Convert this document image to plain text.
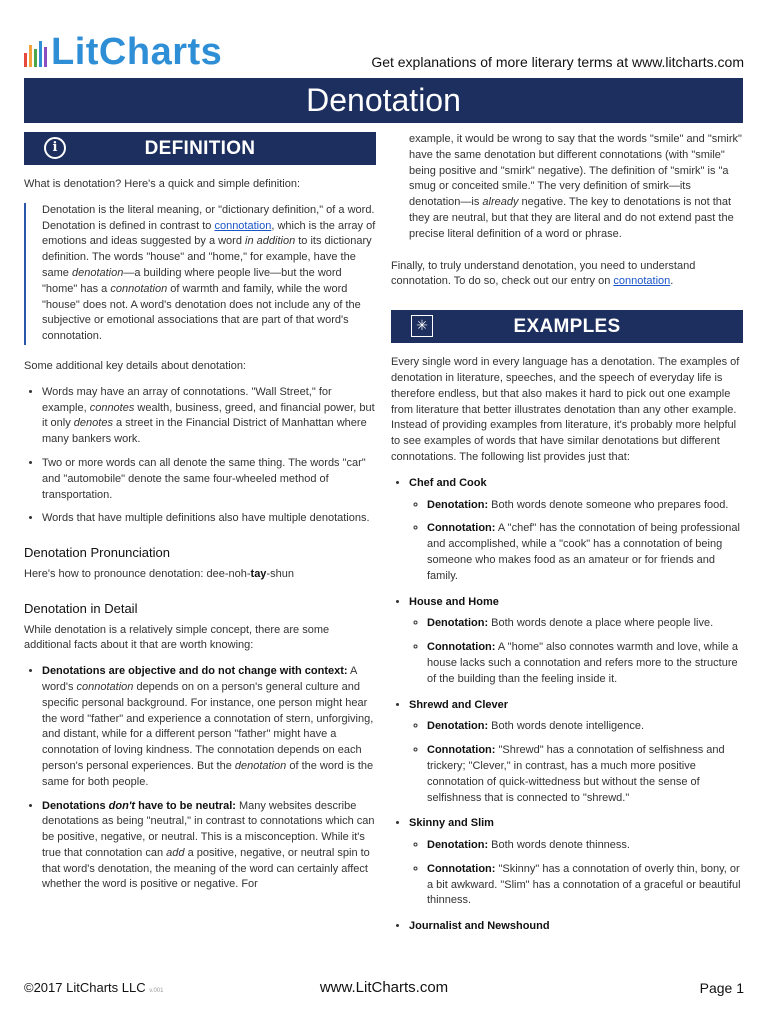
LitCharts	Get explanations of more literary terms at www.litcharts.com
Denotation
i	DEFINITION

What is denotation? Here's a quick and simple definition:

Denotation is the literal meaning, or "dictionary definition," of a word. Denotation is defined in contrast to connotation, which is the array of emotions and ideas suggested by a word in addition to its dictionary definition. The words "house" and "home," for example, have the same denotation—a building where people live—but the word "home" has a connotation of warmth and family, while the word "house" does not. A word's denotation does not include any of the subjective or emotional associations that are part of that word's connotation.

Some additional key details about denotation:

• Words may have an array of connotations. "Wall Street," for example, connotes wealth, business, greed, and financial power, but it only denotes a street in the Financial District of Manhattan where many bankers work.
• Two or more words can all denote the same thing. The words "car" and "automobile" denote the same four-wheeled method of transportation.
• Words that have multiple definitions also have multiple denotations.
Denotation Pronunciation

Here's how to pronounce denotation: dee-noh-tay-shun

Denotation in Detail

While denotation is a relatively simple concept, there are some additional facts about it that are worth knowing:

• Denotations are objective and do not change with context: A word's connotation depends on on a person's general culture and specific personal background. For instance, one person might hear the word "father" and experience a connotation of stern, unforgiving, and distant, while for a different person "father" might have a connotation of loving kindness. The connotation depends on each person's personal experiences. But the denotation of the word is the same for both people.
• Denotations don't have to be neutral: Many websites describe denotations as being "neutral," in contrast to connotations which can be positive, negative, or neutral. This is a misconception. While it's true that connotation can add a positive, negative, or neutral spin to that word's denotation, the meaning of the word can certainly affect whether the word is positive or negative. For
example, it would be wrong to say that the words "smile" and "smirk" have the same denotation but different connotations (with "smile" being positive and "smirk" negative). The definition of "smirk" is "a smug or conceited smile." The very definition of smirk—its denotation—is already negative. The key to denotations is not that they are neutral, but that they are literal and do not extend past the precise literal definition of a word or phrase.

Finally, to truly understand denotation, you need to understand connotation. To do so, check out our entry on connotation.

✳	EXAMPLES

Every single word in every language has a denotation. The examples of denotation in literature, speeches, and the speech of everyday life is therefore endless, but that also makes it hard to pick out one example from literature that better illustrates denotation than any other example. Instead of providing examples from literature, it's probably more helpful to see examples of words that have similar denotations but different connotations. The following list provides just that:

• Chef and Cook
◦ Denotation: Both words denote someone who prepares food.
◦ Connotation: A "chef" has the connotation of being professional and accomplished, while a "cook" has a connotation of being someone who makes food as an amateur or for friends and family.
• House and Home
◦ Denotation: Both words denote a place where people live.
◦ Connotation: A "home" also connotes warmth and love, while a house lacks such a connotation and refers more to the structure of the building than the feeling inside it.
• Shrewd and Clever
◦ Denotation: Both words denote intelligence.
◦ Connotation: "Shrewd" has a connotation of selfishness and trickery; "Clever," in contrast, has a much more positive connotation of quick-wittedness but without the sense of selfishness that is connected to "shrewd."
• Skinny and Slim
◦ Denotation: Both words denote thinness.
◦ Connotation: "Skinny" has a connotation of overly thin, bony, or a bit awkward. "Slim" has a connotation of a graceful or beautiful thinness.
• Journalist and Newshound
©2017 LitCharts LLC v.001	www.LitCharts.com	Page 1
